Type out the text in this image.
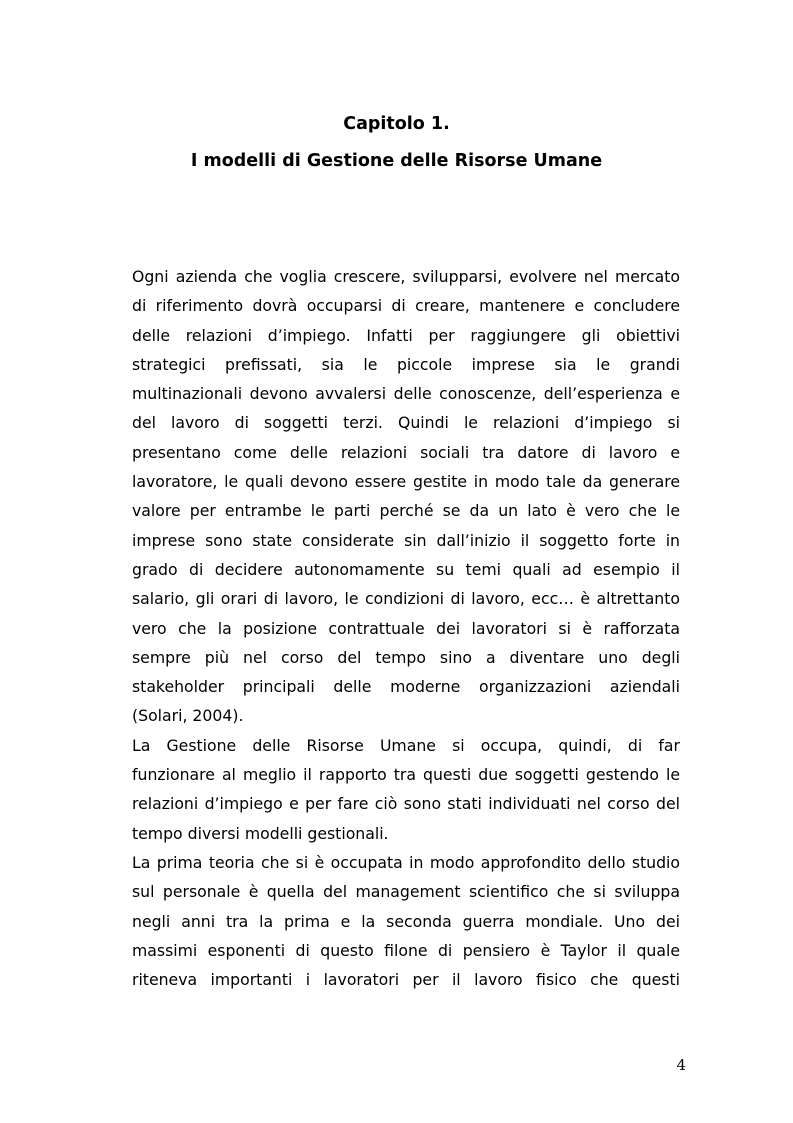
Capitolo 1.
I modelli di Gestione delle Risorse Umane

Ogni azienda che voglia crescere, svilupparsi, evolvere nel mercato
di riferimento dovrà occuparsi di creare, mantenere e concludere
delle relazioni d’impiego. Infatti per raggiungere gli obiettivi
strategici prefissati, sia le piccole imprese sia le grandi
multinazionali devono avvalersi delle conoscenze, dell’esperienza e
del lavoro di soggetti terzi. Quindi le relazioni d’impiego si
presentano come delle relazioni sociali tra datore di lavoro e
lavoratore, le quali devono essere gestite in modo tale da generare
valore per entrambe le parti perché se da un lato è vero che le
imprese sono state considerate sin dall’inizio il soggetto forte in
grado di decidere autonomamente su temi quali ad esempio il
salario, gli orari di lavoro, le condizioni di lavoro, ecc… è altrettanto
vero che la posizione contrattuale dei lavoratori si è rafforzata
sempre più nel corso del tempo sino a diventare uno degli
stakeholder principali delle moderne organizzazioni aziendali
(Solari, 2004).

La Gestione delle Risorse Umane si occupa, quindi, di far
funzionare al meglio il rapporto tra questi due soggetti gestendo le
relazioni d’impiego e per fare ciò sono stati individuati nel corso del
tempo diversi modelli gestionali.

La prima teoria che si è occupata in modo approfondito dello studio
sul personale è quella del management scientifico che si sviluppa
negli anni tra la prima e la seconda guerra mondiale. Uno dei
massimi esponenti di questo filone di pensiero è Taylor il quale
riteneva importanti i lavoratori per il lavoro fisico che questi

4
